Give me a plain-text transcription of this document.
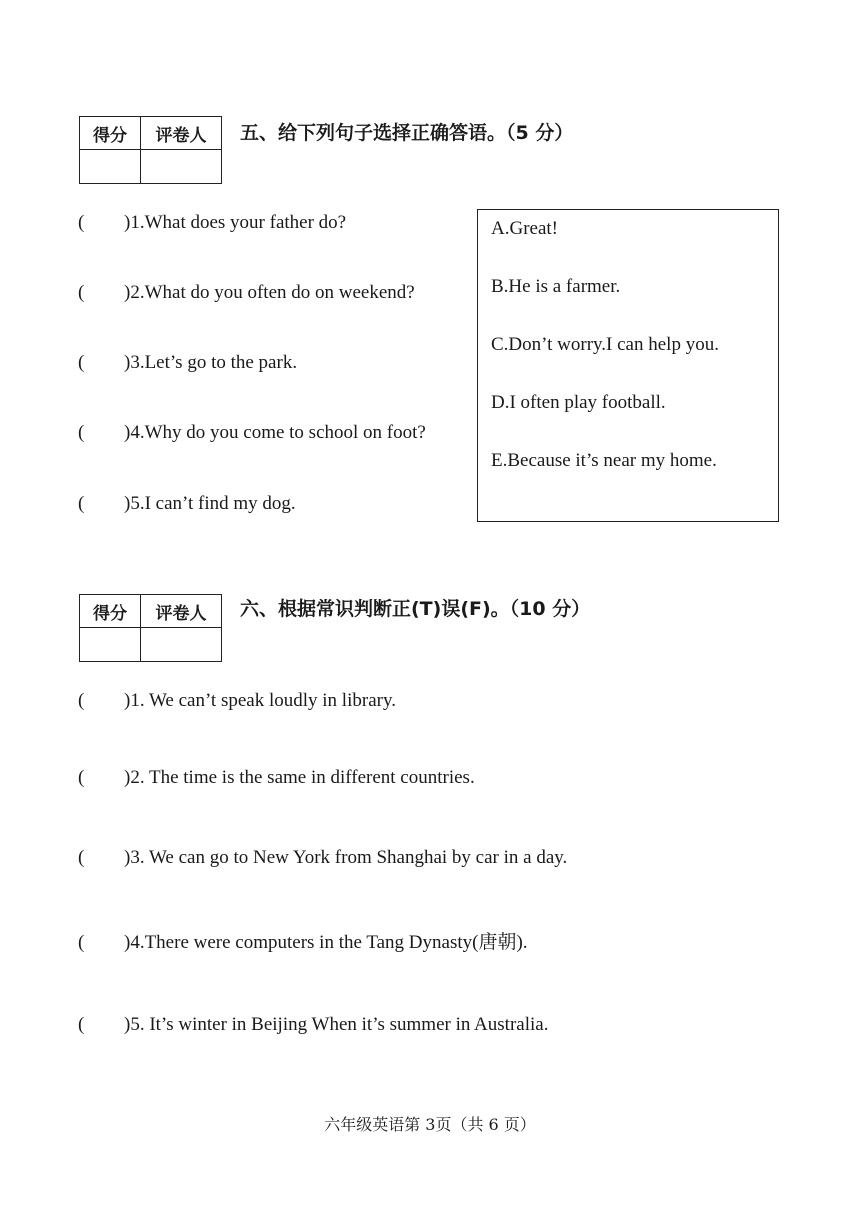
得分	评卷人
	五、给下列句子选择正确答语。（5 分）
( )1.What does your father do?
( )2.What do you often do on weekend?
( )3.Let’s go to the park.
( )4.Why do you come to school on foot?
( )5.I can’t find my dog.
A.Great!
B.He is a farmer.
C.Don’t worry.I can help you.
D.I often play football.
E.Because it’s near my home.
得分	评卷人
	六、根据常识判断正(T)误(F)。（10 分）
( )1. We can’t speak loudly in library.
( )2. The time is the same in different countries.
( )3. We can go to New York from Shanghai by car in a day.
( )4.There were computers in the Tang Dynasty(唐朝).
( )5. It’s winter in Beijing When it’s summer in Australia.
六年级英语第 3页（共 6 页）
